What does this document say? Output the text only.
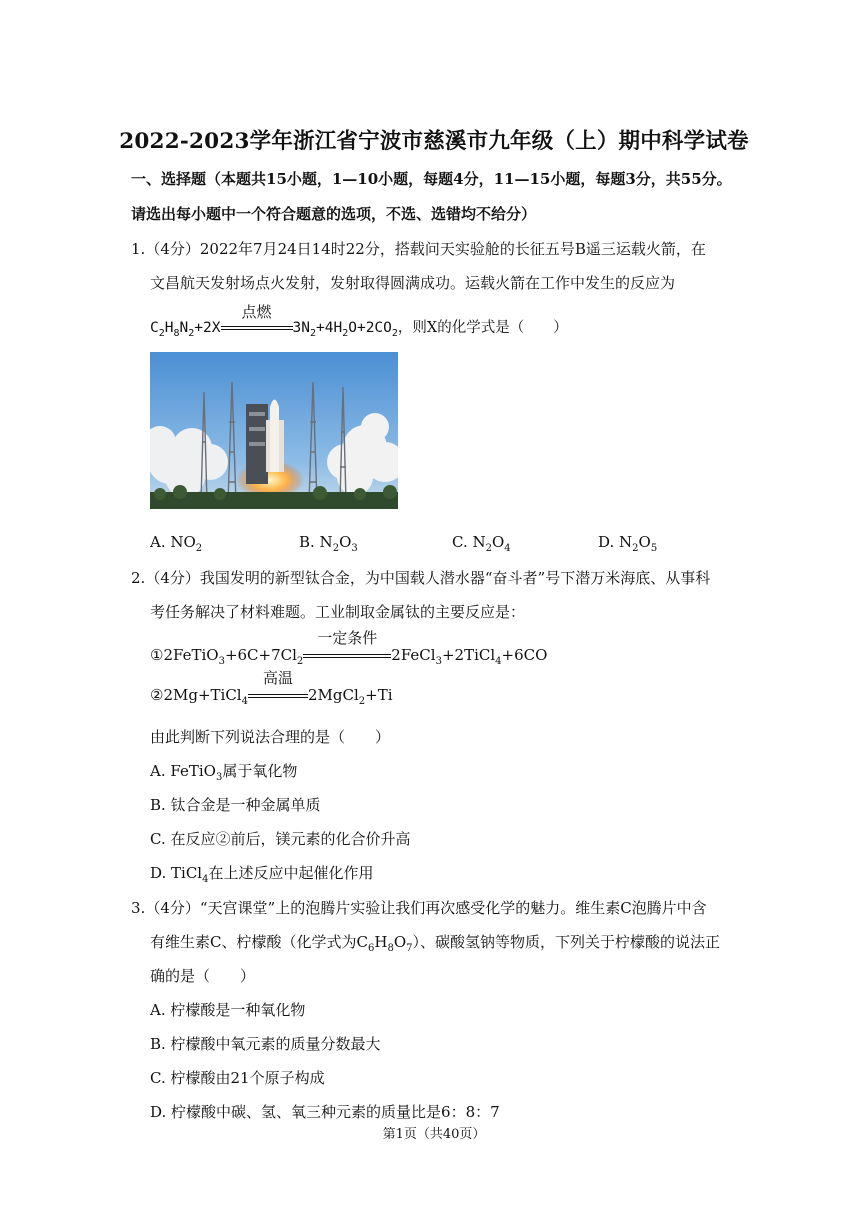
2022-2023学年浙江省宁波市慈溪市九年级（上）期中科学试卷
一、选择题（本题共15小题，1—10小题，每题4分，11—15小题，每题3分，共55分。
请选出每小题中一个符合题意的选项，不选、选错均不给分）
1.（4分）2022年7月24日14时22分，搭载问天实验舱的长征五号B遥三运载火箭，在
文昌航天发射场点火发射，发射取得圆满成功。运载火箭在工作中发生的反应为
$C_2H_8N_2+2X$
点燃
$3N_2+4H_2O+2CO_2$，则X的化学式是（　　）
A. $NO_2$	B. $N_2O_3$	C. $N_2O_4$	D. $N_2O_5$
2.（4分）我国发明的新型钛合金，为中国载人潜水器“奋斗者”号下潜万米海底、从事科
考任务解决了材料难题。工业制取金属钛的主要反应是：
$①2FeTiO_3+6C+7Cl_2$
一定条件
2FeCl$_3$+2TiCl$_4$+6CO
②2Mg+TiCl$_4$
高温
2MgCl$_2$+Ti
由此判断下列说法合理的是（　　）
A. FeTiO$_3$属于氧化物
B. 钛合金是一种金属单质
C. 在反应②前后，镁元素的化合价升高
D. TiCl$_4$在上述反应中起催化作用
3.（4分）“天宫课堂”上的泡腾片实验让我们再次感受化学的魅力。维生素C泡腾片中含
有维生素C、柠檬酸（化学式为$C_6H_8O_7$）、碳酸氢钠等物质，下列关于柠檬酸的说法正
确的是（　　）
A. 柠檬酸是一种氧化物
B. 柠檬酸中氧元素的质量分数最大
C. 柠檬酸由21个原子构成
D. 柠檬酸中碳、氢、氧三种元素的质量比是6：8：7
第1页（共40页）
